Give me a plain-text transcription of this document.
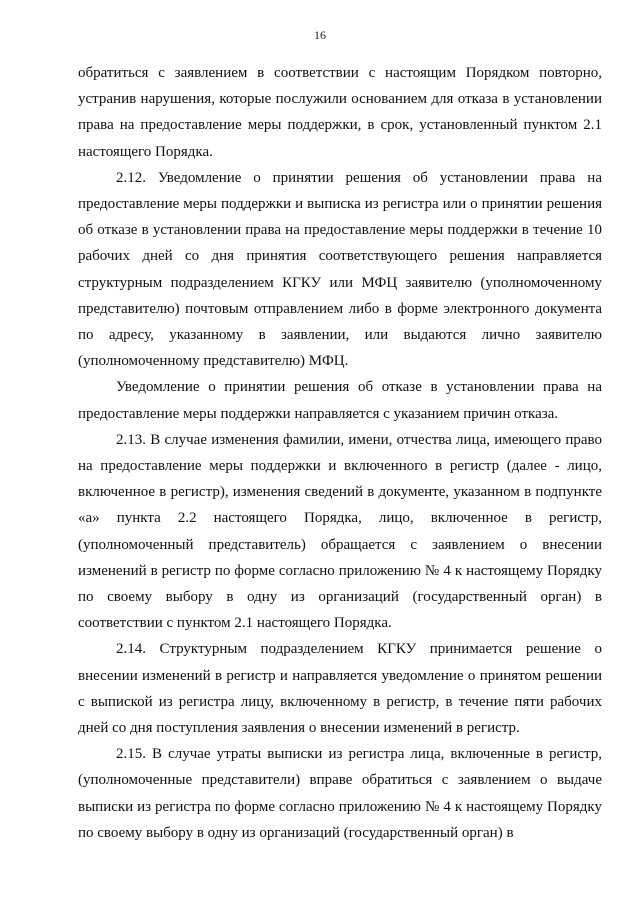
16

обратиться с заявлением в соответствии с настоящим Порядком повторно, устранив нарушения, которые послужили основанием для отказа в установлении права на предоставление меры поддержки, в срок, установленный пунктом 2.1 настоящего Порядка.

2.12. Уведомление о принятии решения об установлении права на предоставление меры поддержки и выписка из регистра или о принятии решения об отказе в установлении права на предоставление меры поддержки в течение 10 рабочих дней со дня принятия соответствующего решения направляется структурным подразделением КГКУ или МФЦ заявителю (уполномоченному представителю) почтовым отправлением либо в форме электронного документа по адресу, указанному в заявлении, или выдаются лично заявителю (уполномоченному представителю) МФЦ.

Уведомление о принятии решения об отказе в установлении права на предоставление меры поддержки направляется с указанием причин отказа.

2.13. В случае изменения фамилии, имени, отчества лица, имеющего право на предоставление меры поддержки и включенного в регистр (далее - лицо, включенное в регистр), изменения сведений в документе, указанном в подпункте «а» пункта 2.2 настоящего Порядка, лицо, включенное в регистр, (уполномоченный представитель) обращается с заявлением о внесении изменений в регистр по форме согласно приложению № 4 к настоящему Порядку по своему выбору в одну из организаций (государственный орган) в соответствии с пунктом 2.1 настоящего Порядка.

2.14. Структурным подразделением КГКУ принимается решение о внесении изменений в регистр и направляется уведомление о принятом решении с выпиской из регистра лицу, включенному в регистр, в течение пяти рабочих дней со дня поступления заявления о внесении изменений в регистр.

2.15. В случае утраты выписки из регистра лица, включенные в регистр, (уполномоченные представители) вправе обратиться с заявлением о выдаче выписки из регистра по форме согласно приложению № 4 к настоящему Порядку по своему выбору в одну из организаций (государственный орган) в
